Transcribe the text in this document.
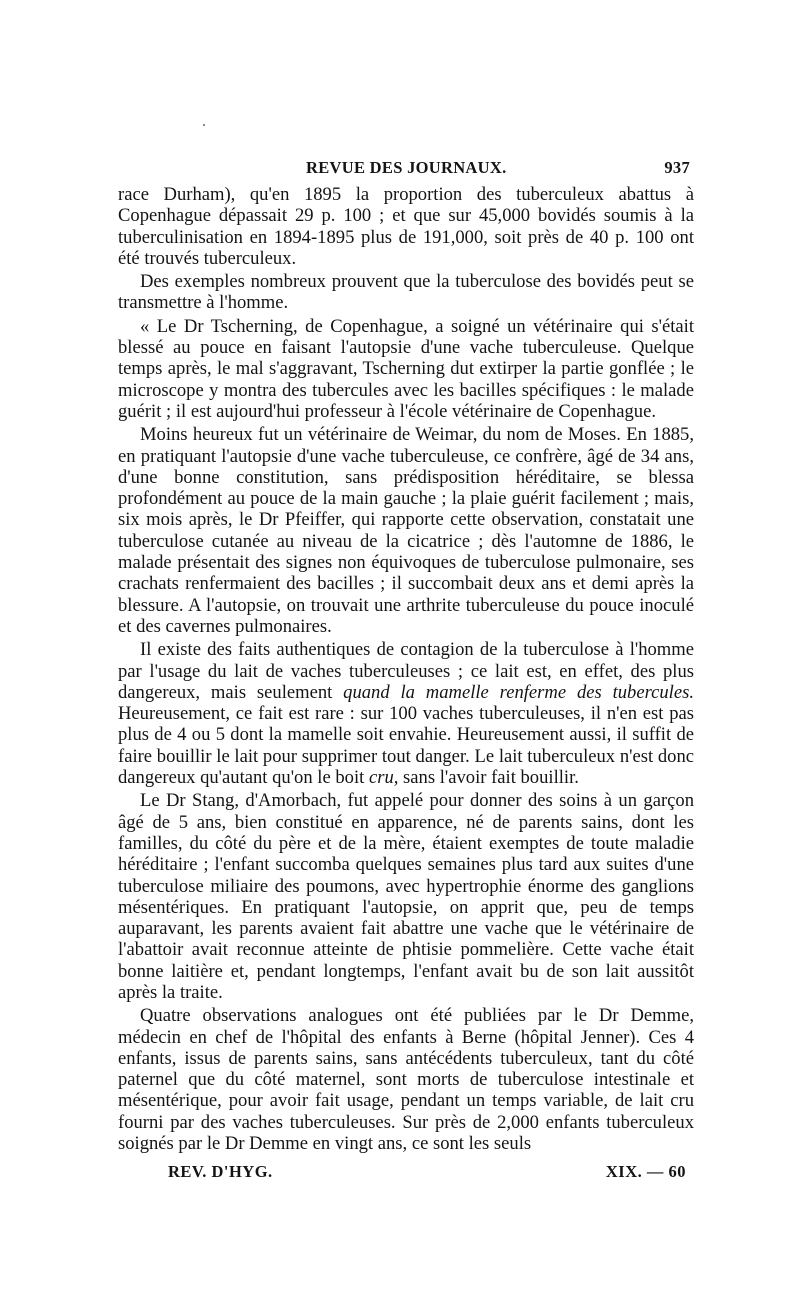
REVUE DES JOURNAUX.	937

race Durham), qu'en 1895 la proportion des tuberculeux abattus à Copenhague dépassait 29 p. 100 ; et que sur 45,000 bovidés soumis à la tuberculinisation en 1894-1895 plus de 191,000, soit près de 40 p. 100 ont été trouvés tuberculeux.

Des exemples nombreux prouvent que la tuberculose des bovidés peut se transmettre à l'homme.

« Le Dr Tscherning, de Copenhague, a soigné un vétérinaire qui s'était blessé au pouce en faisant l'autopsie d'une vache tuberculeuse. Quelque temps après, le mal s'aggravant, Tscherning dut extirper la partie gonflée ; le microscope y montra des tubercules avec les bacilles spécifiques : le malade guérit ; il est aujourd'hui professeur à l'école vétérinaire de Copenhague.

Moins heureux fut un vétérinaire de Weimar, du nom de Moses. En 1885, en pratiquant l'autopsie d'une vache tuberculeuse, ce confrère, âgé de 34 ans, d'une bonne constitution, sans prédisposition héréditaire, se blessa profondément au pouce de la main gauche ; la plaie guérit facilement ; mais, six mois après, le Dr Pfeiffer, qui rapporte cette observation, constatait une tuberculose cutanée au niveau de la cicatrice ; dès l'automne de 1886, le malade présentait des signes non équivoques de tuberculose pulmonaire, ses crachats renfermaient des bacilles ; il succombait deux ans et demi après la blessure. A l'autopsie, on trouvait une arthrite tuberculeuse du pouce inoculé et des cavernes pulmonaires.

Il existe des faits authentiques de contagion de la tuberculose à l'homme par l'usage du lait de vaches tuberculeuses ; ce lait est, en effet, des plus dangereux, mais seulement quand la mamelle renferme des tubercules. Heureusement, ce fait est rare : sur 100 vaches tuberculeuses, il n'en est pas plus de 4 ou 5 dont la mamelle soit envahie. Heureusement aussi, il suffit de faire bouillir le lait pour supprimer tout danger. Le lait tuberculeux n'est donc dangereux qu'autant qu'on le boit cru, sans l'avoir fait bouillir.

Le Dr Stang, d'Amorbach, fut appelé pour donner des soins à un garçon âgé de 5 ans, bien constitué en apparence, né de parents sains, dont les familles, du côté du père et de la mère, étaient exemptes de toute maladie héréditaire ; l'enfant succomba quelques semaines plus tard aux suites d'une tuberculose miliaire des poumons, avec hypertrophie énorme des ganglions mésentériques. En pratiquant l'autopsie, on apprit que, peu de temps auparavant, les parents avaient fait abattre une vache que le vétérinaire de l'abattoir avait reconnue atteinte de phtisie pommelière. Cette vache était bonne laitière et, pendant longtemps, l'enfant avait bu de son lait aussitôt après la traite.

Quatre observations analogues ont été publiées par le Dr Demme, médecin en chef de l'hôpital des enfants à Berne (hôpital Jenner). Ces 4 enfants, issus de parents sains, sans antécédents tuberculeux, tant du côté paternel que du côté maternel, sont morts de tuberculose intestinale et mésentérique, pour avoir fait usage, pendant un temps variable, de lait cru fourni par des vaches tuberculeuses. Sur près de 2,000 enfants tuberculeux soignés par le Dr Demme en vingt ans, ce sont les seuls

REV. D'HYG.	XIX. — 60
